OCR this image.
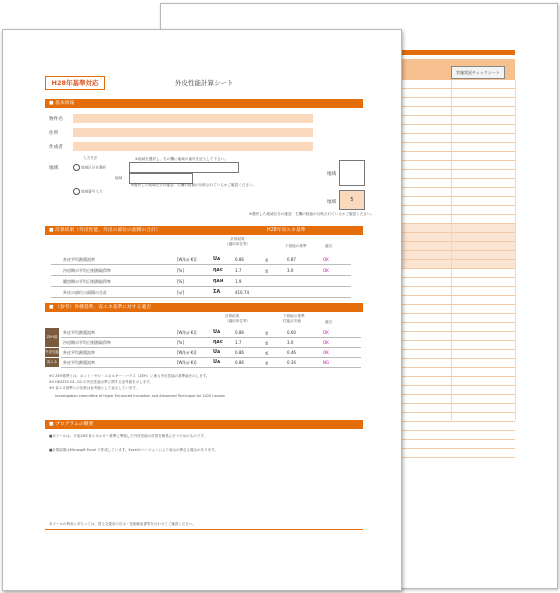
実施状況チェックシート
H28年基準対応	外皮性能計算シート
■ 基本情報
物件名
住所
作成者
地域
入力方法	※地域を選択し、右の欄に地域の番号を記入して下さい。
地域区分を選択
地域
地域番号入力
※選択した地域区分の確認：右欄の数値が反映されているかご確認ください。
地域
地域	5
※選択した地域区分の確認：右欄の数値が反映されているかご確認ください。
■ 計算結果（外皮性能、外皮の部位の面積の合計）	H28年省エネ基準
計算結果
（適用単位等）	下段地の基準	適否
外皮平均熱貫流率	[W/(㎡·K)]	Uᴀ	0.86	≦	0.87	OK
冷房期の平均日射熱取得率	[%]	ηᴀᴄ	1.7	≦	3.0	OK
暖房期の平均日射熱取得率	[%]	ηᴀʜ	1.9
外皮の部位の面積の合計	[㎡]	ΣA	416.74
■ （参考）各種基準、省エネ基準に対する適否
計算結果
（適用単位等）
下段地の基準
性能目安値	適否
ZEH基
外皮性能
省エネ
外皮平均熱貫流率	[W/(㎡·K)]	Uᴀ	0.86	≦	0.60	OK
冷房期の平均日射熱取得率	[%]	ηᴀᴄ	1.7	≦	3.0	OK
外皮平均熱貫流率	[W/(㎡·K)]	Uᴀ	0.86	≦	0.46	OK
外皮平均熱貫流率	[W/(㎡·K)]	Uᴀ	0.86	≦	0.34	NG
※1 ZEH基準とは、ネット・ゼロ・エネルギー・ハウス（ZEH）に係る外皮性能の基準値を示します。
※2 HEAT20 G1, G2 の外皮性能水準に関する参考値を示します。
※3 省エネ基準との比較は参考値として表示しています。
Investigation committee of Hyper Enhanced Insulation and Advanced Technique for 2020 houses
■ プログラムの概要
■本ツールは、平成28年省エネルギー基準に準拠した外皮性能の計算を簡易に行うためのものです。
■計算結果はMicrosoft Excel で作成しています。Excelのバージョンにより表示が異なる場合があります。
本ツールの利用にあたっては、国土交通省の告示・技術解説書等を合わせてご確認ください。
